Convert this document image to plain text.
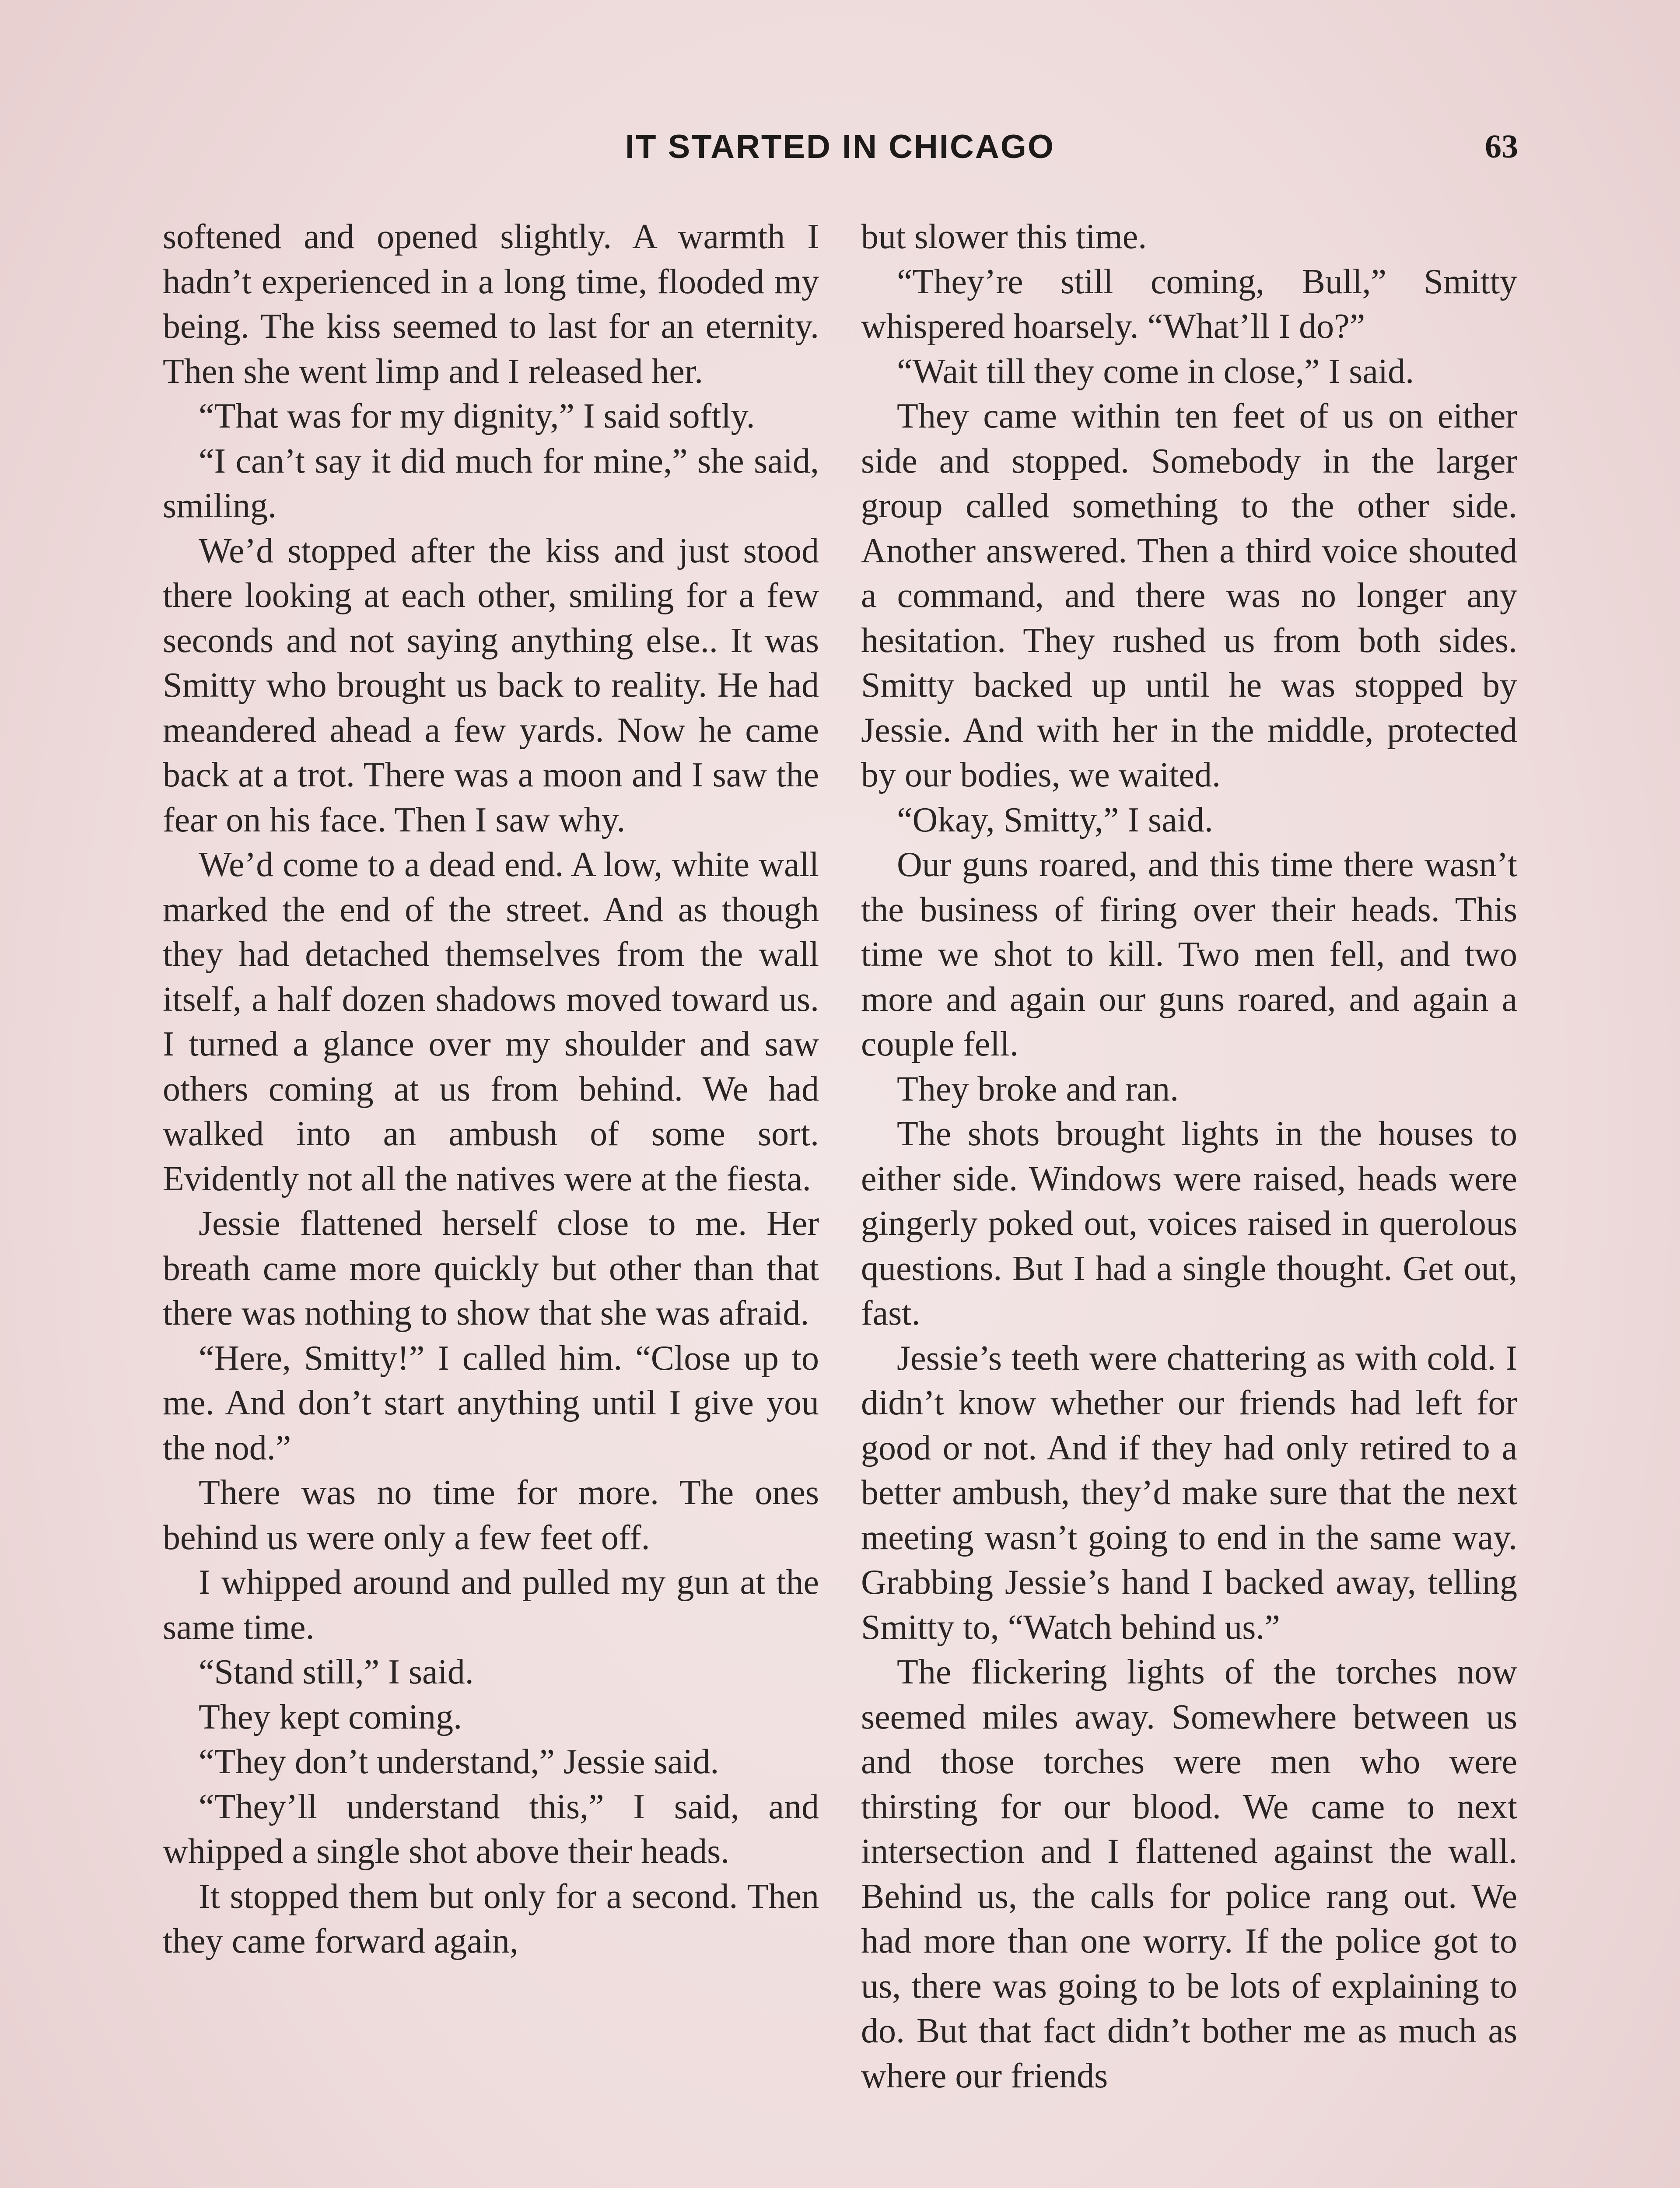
IT STARTED IN CHICAGO	63

softened and opened slightly. A warmth I hadn’t experienced in a long time, flooded my being. The kiss seemed to last for an eternity. Then she went limp and I released her.

“That was for my dignity,” I said softly.

“I can’t say it did much for mine,” she said, smiling.

We’d stopped after the kiss and just stood there looking at each other, smiling for a few seconds and not saying anything else.. It was Smitty who brought us back to reality. He had meandered ahead a few yards. Now he came back at a trot. There was a moon and I saw the fear on his face. Then I saw why.

We’d come to a dead end. A low, white wall marked the end of the street. And as though they had detached themselves from the wall itself, a half dozen shadows moved toward us. I turned a glance over my shoulder and saw others coming at us from behind. We had walked into an ambush of some sort. Evidently not all the natives were at the fiesta.

Jessie flattened herself close to me. Her breath came more quickly but other than that there was nothing to show that she was afraid.

“Here, Smitty!” I called him. “Close up to me. And don’t start anything until I give you the nod.”

There was no time for more. The ones behind us were only a few feet off.

I whipped around and pulled my gun at the same time.

“Stand still,” I said.

They kept coming.

“They don’t understand,” Jessie said.

“They’ll understand this,” I said, and whipped a single shot above their heads.

It stopped them but only for a second. Then they came forward again,

but slower this time.

“They’re still coming, Bull,” Smitty whispered hoarsely. “What’ll I do?”

“Wait till they come in close,” I said.

They came within ten feet of us on either side and stopped. Somebody in the larger group called something to the other side. Another answered. Then a third voice shouted a command, and there was no longer any hesitation. They rushed us from both sides. Smitty backed up until he was stopped by Jessie. And with her in the middle, protected by our bodies, we waited.

“Okay, Smitty,” I said.

Our guns roared, and this time there wasn’t the business of firing over their heads. This time we shot to kill. Two men fell, and two more and again our guns roared, and again a couple fell.

They broke and ran.

The shots brought lights in the houses to either side. Windows were raised, heads were gingerly poked out, voices raised in querolous questions. But I had a single thought. Get out, fast.

Jessie’s teeth were chattering as with cold. I didn’t know whether our friends had left for good or not. And if they had only retired to a better ambush, they’d make sure that the next meeting wasn’t going to end in the same way. Grabbing Jessie’s hand I backed away, telling Smitty to, “Watch behind us.”

The flickering lights of the torches now seemed miles away. Somewhere between us and those torches were men who were thirsting for our blood. We came to next intersection and I flattened against the wall. Behind us, the calls for police rang out. We had more than one worry. If the police got to us, there was going to be lots of explaining to do. But that fact didn’t bother me as much as where our friends
